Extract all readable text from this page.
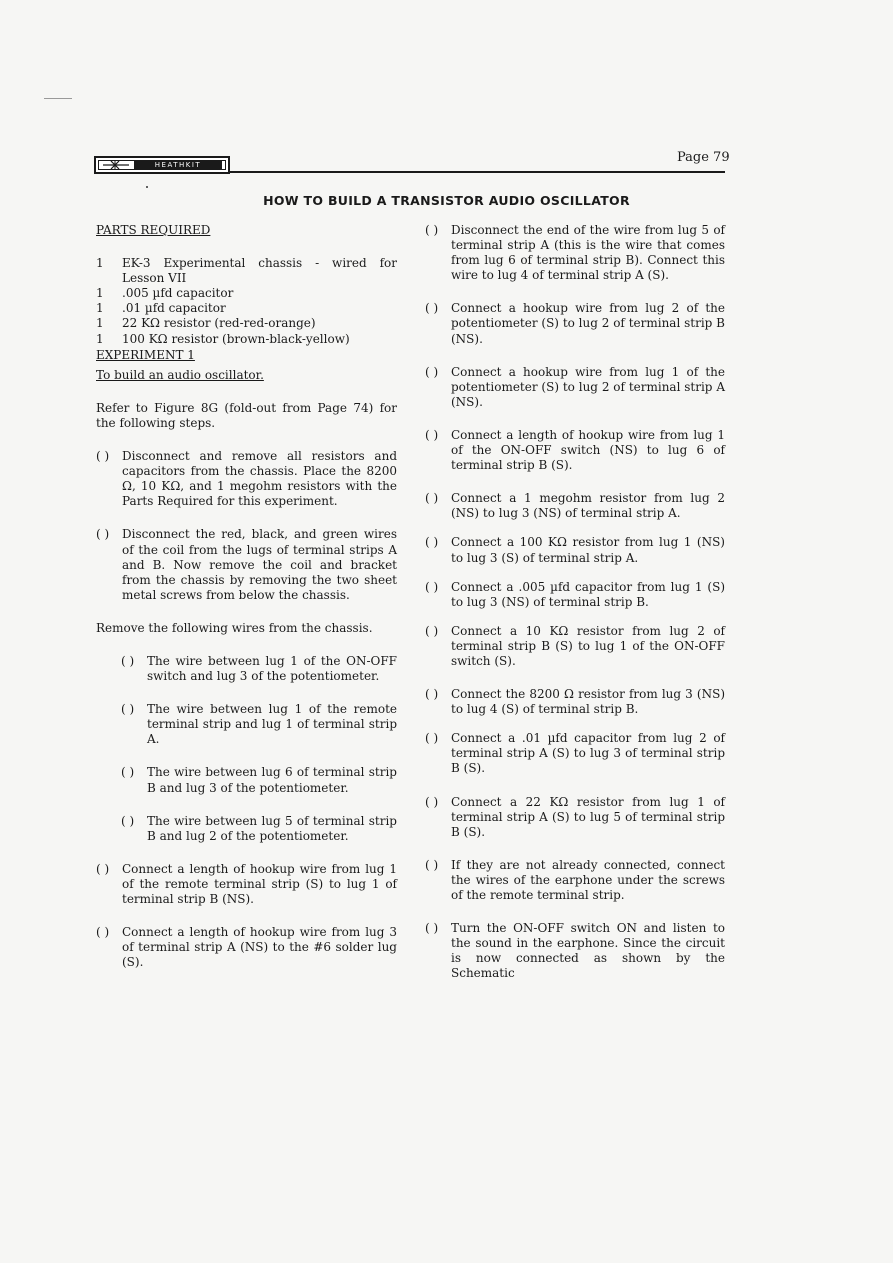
HEATHKIT	Page 79
HOW TO BUILD A TRANSISTOR AUDIO OSCILLATOR

PARTS REQUIRED

1	EK-3 Experimental chassis - wired for Lesson VII
1	.005 µfd capacitor
1	.01 µfd capacitor
1	22 KΩ resistor (red-red-orange)
1	100 KΩ resistor (brown-black-yellow)

EXPERIMENT 1

To build an audio oscillator.

Refer to Figure 8G (fold-out from Page 74) for the following steps.

( ) Disconnect and remove all resistors and capacitors from the chassis. Place the 8200 Ω, 10 KΩ, and 1 megohm resistors with the Parts Required for this experiment.

( ) Disconnect the red, black, and green wires of the coil from the lugs of terminal strips A and B. Now remove the coil and bracket from the chassis by removing the two sheet metal screws from below the chassis.

Remove the following wires from the chassis.

( ) The wire between lug 1 of the ON-OFF switch and lug 3 of the potentiometer.

( ) The wire between lug 1 of the remote terminal strip and lug 1 of terminal strip A.

( ) The wire between lug 6 of terminal strip B and lug 3 of the potentiometer.

( ) The wire between lug 5 of terminal strip B and lug 2 of the potentiometer.

( ) Connect a length of hookup wire from lug 1 of the remote terminal strip (S) to lug 1 of terminal strip B (NS).

( ) Connect a length of hookup wire from lug 3 of terminal strip A (NS) to the #6 solder lug (S).

( ) Disconnect the end of the wire from lug 5 of terminal strip A (this is the wire that comes from lug 6 of terminal strip B). Connect this wire to lug 4 of terminal strip A (S).

( ) Connect a hookup wire from lug 2 of the potentiometer (S) to lug 2 of terminal strip B (NS).

( ) Connect a hookup wire from lug 1 of the potentiometer (S) to lug 2 of terminal strip A (NS).

( ) Connect a length of hookup wire from lug 1 of the ON-OFF switch (NS) to lug 6 of terminal strip B (S).

( ) Connect a 1 megohm resistor from lug 2 (NS) to lug 3 (NS) of terminal strip A.

( ) Connect a 100 KΩ resistor from lug 1 (NS) to lug 3 (S) of terminal strip A.

( ) Connect a .005 µfd capacitor from lug 1 (S) to lug 3 (NS) of terminal strip B.

( ) Connect a 10 KΩ resistor from lug 2 of terminal strip B (S) to lug 1 of the ON-OFF switch (S).

( ) Connect the 8200 Ω resistor from lug 3 (NS) to lug 4 (S) of terminal strip B.

( ) Connect a .01 µfd capacitor from lug 2 of terminal strip A (S) to lug 3 of terminal strip B (S).

( ) Connect a 22 KΩ resistor from lug 1 of terminal strip A (S) to lug 5 of terminal strip B (S).

( ) If they are not already connected, connect the wires of the earphone under the screws of the remote terminal strip.

( ) Turn the ON-OFF switch ON and listen to the sound in the earphone. Since the circuit is now connected as shown by the Schematic
